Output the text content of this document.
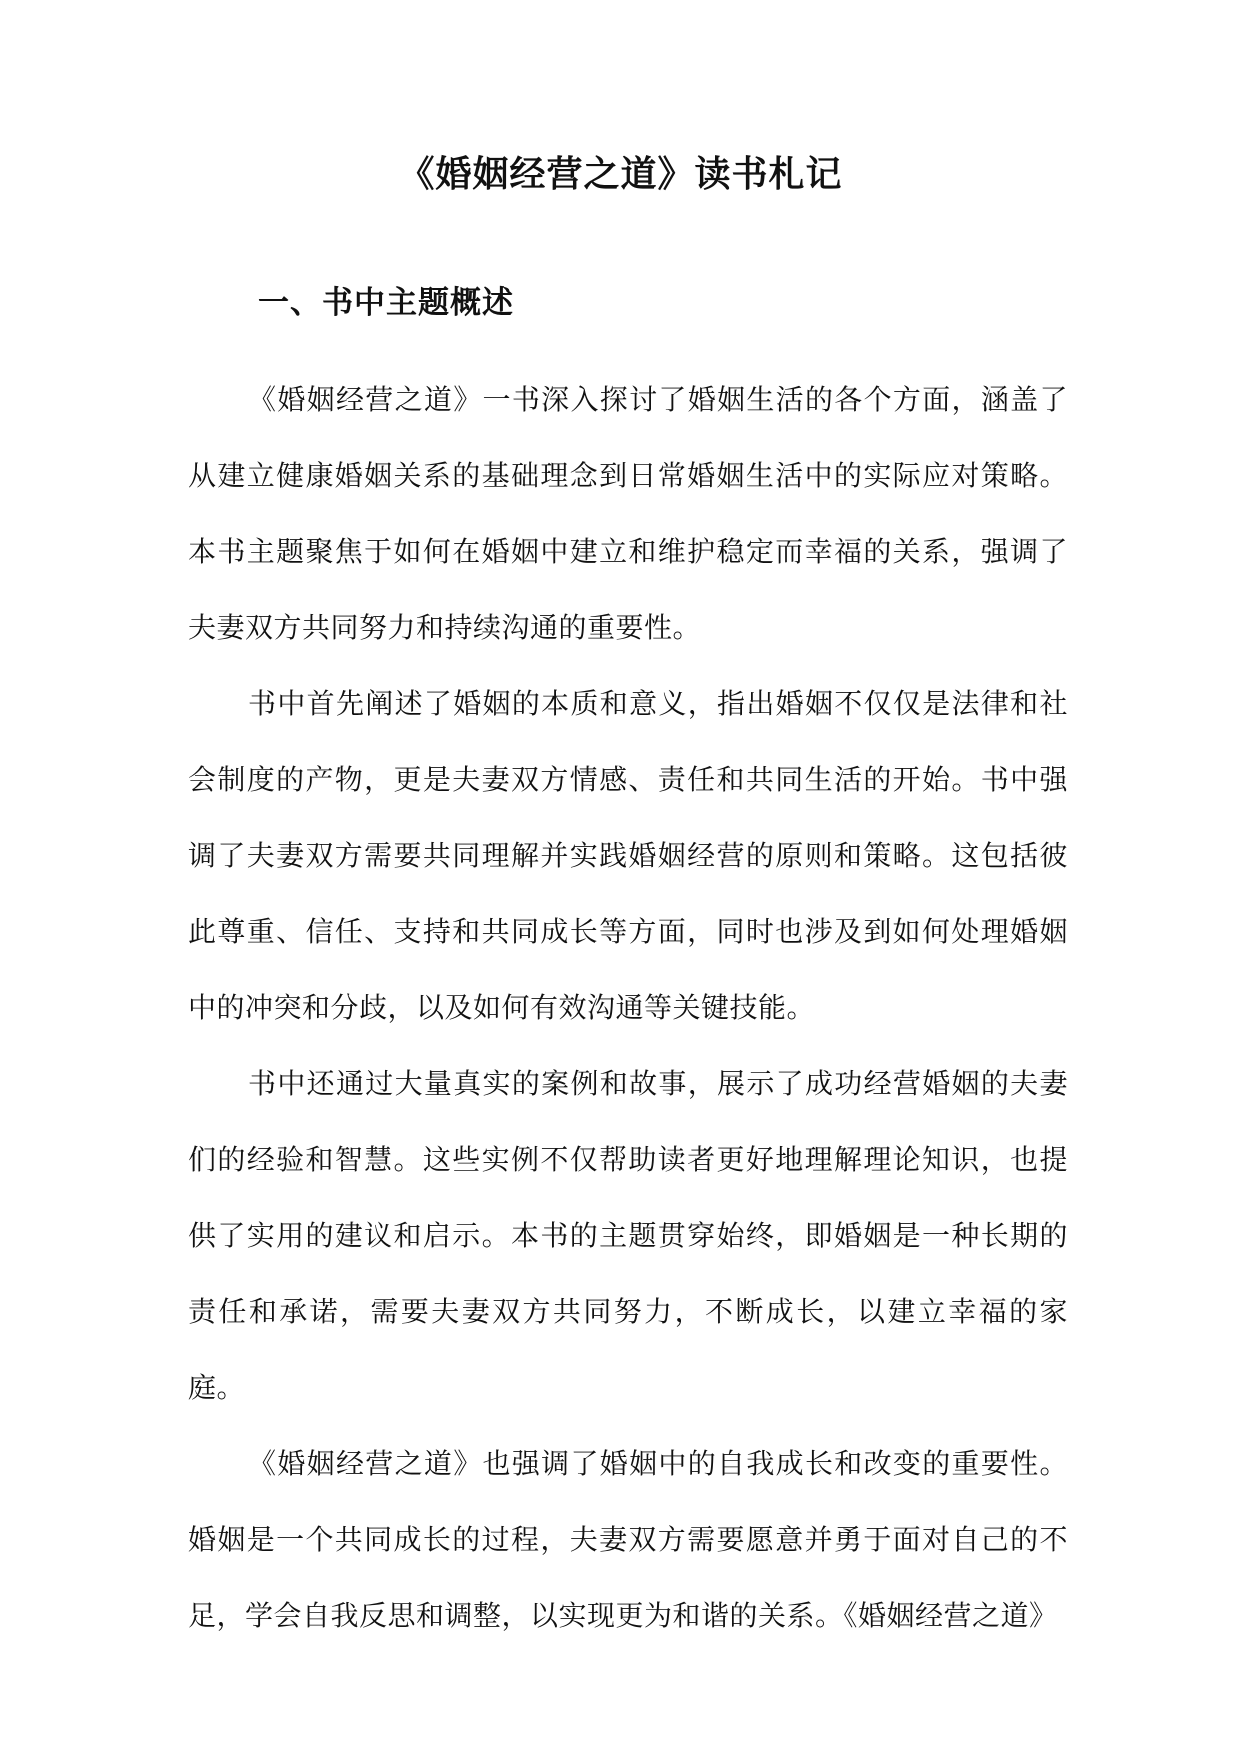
《婚姻经营之道》读书札记
一、书中主题概述

《婚姻经营之道》一书深入探讨了婚姻生活的各个方面，涵盖了从建立健康婚姻关系的基础理念到日常婚姻生活中的实际应对策略。本书主题聚焦于如何在婚姻中建立和维护稳定而幸福的关系，强调了夫妻双方共同努力和持续沟通的重要性。

书中首先阐述了婚姻的本质和意义，指出婚姻不仅仅是法律和社会制度的产物，更是夫妻双方情感、责任和共同生活的开始。书中强调了夫妻双方需要共同理解并实践婚姻经营的原则和策略。这包括彼此尊重、信任、支持和共同成长等方面，同时也涉及到如何处理婚姻中的冲突和分歧，以及如何有效沟通等关键技能。

书中还通过大量真实的案例和故事，展示了成功经营婚姻的夫妻们的经验和智慧。这些实例不仅帮助读者更好地理解理论知识，也提供了实用的建议和启示。本书的主题贯穿始终，即婚姻是一种长期的责任和承诺，需要夫妻双方共同努力，不断成长，以建立幸福的家庭。

《婚姻经营之道》也强调了婚姻中的自我成长和改变的重要性。婚姻是一个共同成长的过程，夫妻双方需要愿意并勇于面对自己的不足，学会自我反思和调整，以实现更为和谐的关系。《婚姻经营之道》
